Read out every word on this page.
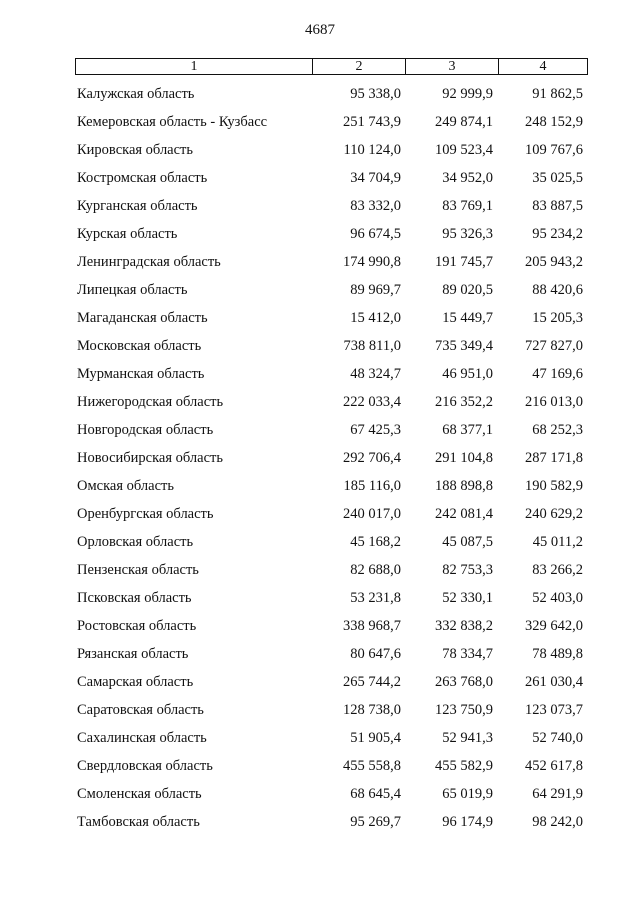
4687
1	2	3	4
Калужская область	95 338,0	92 999,9	91 862,5
Кемеровская область - Кузбасс	251 743,9	249 874,1	248 152,9
Кировская область	110 124,0	109 523,4	109 767,6
Костромская область	34 704,9	34 952,0	35 025,5
Курганская область	83 332,0	83 769,1	83 887,5
Курская область	96 674,5	95 326,3	95 234,2
Ленинградская область	174 990,8	191 745,7	205 943,2
Липецкая область	89 969,7	89 020,5	88 420,6
Магаданская область	15 412,0	15 449,7	15 205,3
Московская область	738 811,0	735 349,4	727 827,0
Мурманская область	48 324,7	46 951,0	47 169,6
Нижегородская область	222 033,4	216 352,2	216 013,0
Новгородская область	67 425,3	68 377,1	68 252,3
Новосибирская область	292 706,4	291 104,8	287 171,8
Омская область	185 116,0	188 898,8	190 582,9
Оренбургская область	240 017,0	242 081,4	240 629,2
Орловская область	45 168,2	45 087,5	45 011,2
Пензенская область	82 688,0	82 753,3	83 266,2
Псковская область	53 231,8	52 330,1	52 403,0
Ростовская область	338 968,7	332 838,2	329 642,0
Рязанская область	80 647,6	78 334,7	78 489,8
Самарская область	265 744,2	263 768,0	261 030,4
Саратовская область	128 738,0	123 750,9	123 073,7
Сахалинская область	51 905,4	52 941,3	52 740,0
Свердловская область	455 558,8	455 582,9	452 617,8
Смоленская область	68 645,4	65 019,9	64 291,9
Тамбовская область	95 269,7	96 174,9	98 242,0
